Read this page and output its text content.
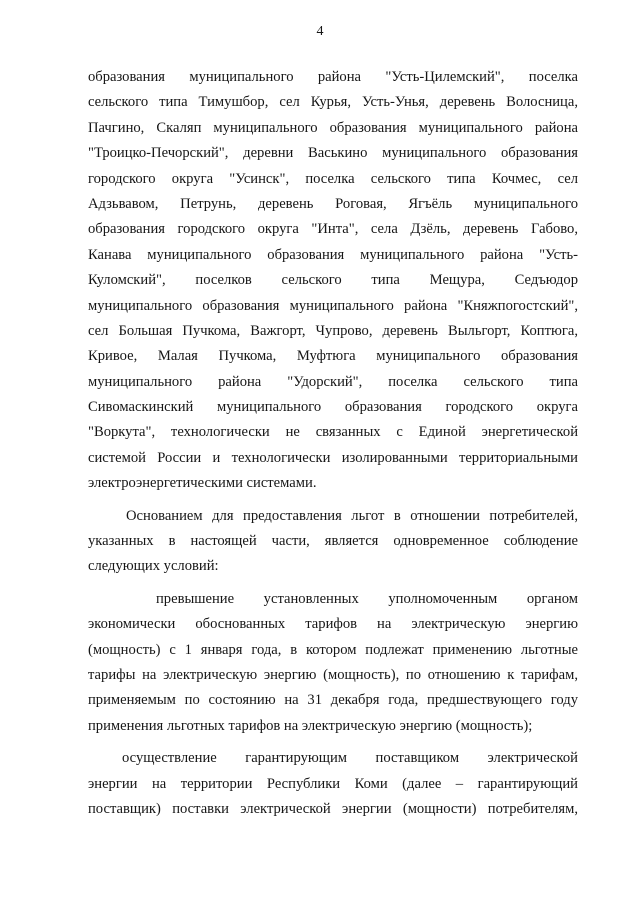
4
образования муниципального района "Усть-Цилемский", поселка
сельского типа Тимушбор, сел Курья, Усть-Унья, деревень Волосница,
Пачгино, Скаляп муниципального образования муниципального района
"Троицко-Печорский", деревни Васькино муниципального образования
городского округа "Усинск", поселка сельского типа Кочмес, сел
Адзьвавом, Петрунь, деревень Роговая, Ягъёль муниципального
образования городского округа "Инта", села Дзёль, деревень Габово,
Канава муниципального образования муниципального района "Усть-
Куломский", поселков сельского типа Мещура, Седъюдор
муниципального образования муниципального района "Княжпогостский",
сел Большая Пучкома, Важгорт, Чупрово, деревень Выльгорт, Коптюга,
Кривое, Малая Пучкома, Муфтюга муниципального образования
муниципального района "Удорский", поселка сельского типа
Сивомаскинский муниципального образования городского округа
"Воркута", технологически не связанных с Единой энергетической
системой России и технологически изолированными территориальными
электроэнергетическими системами.
Основанием для предоставления льгот в отношении потребителей,
указанных в настоящей части, является одновременное соблюдение
следующих условий:
превышение установленных уполномоченным органом
экономически обоснованных тарифов на электрическую энергию
(мощность) с 1 января года, в котором подлежат применению льготные
тарифы на электрическую энергию (мощность), по отношению к тарифам,
применяемым по состоянию на 31 декабря года, предшествующего году
применения льготных тарифов на электрическую энергию (мощность);
осуществление гарантирующим поставщиком электрической
энергии на территории Республики Коми (далее – гарантирующий
поставщик) поставки электрической энергии (мощности) потребителям,
